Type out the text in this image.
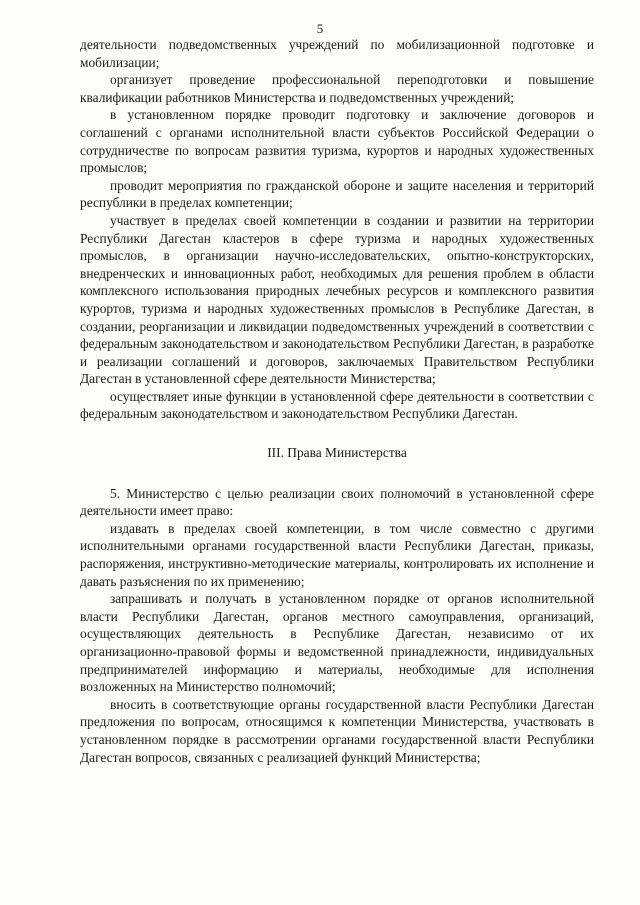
5

деятельности подведомственных учреждений по мобилизационной подготовке и мобилизации;

организует проведение профессиональной переподготовки и повышение квалификации работников Министерства и подведомственных учреждений;

в установленном порядке проводит подготовку и заключение договоров и соглашений с органами исполнительной власти субъектов Российской Федерации о сотрудничестве по вопросам развития туризма, курортов и народных художественных промыслов;

проводит мероприятия по гражданской обороне и защите населения и территорий республики в пределах компетенции;

участвует в пределах своей компетенции в создании и развитии на территории Республики Дагестан кластеров в сфере туризма и народных художественных промыслов, в организации научно-исследовательских, опытно-конструкторских, внедренческих и инновационных работ, необходимых для решения проблем в области комплексного использования природных лечебных ресурсов и комплексного развития курортов, туризма и народных художественных промыслов в Республике Дагестан, в создании, реорганизации и ликвидации подведомственных учреждений в соответствии с федеральным законодательством и законодательством Республики Дагестан, в разработке и реализации соглашений и договоров, заключаемых Правительством Республики Дагестан в установленной сфере деятельности Министерства;

осуществляет иные функции в установленной сфере деятельности в соответствии с федеральным законодательством и законодательством Республики Дагестан.

III. Права Министерства

5. Министерство с целью реализации своих полномочий в установленной сфере деятельности имеет право:

издавать в пределах своей компетенции, в том числе совместно с другими исполнительными органами государственной власти Республики Дагестан, приказы, распоряжения, инструктивно-методические материалы, контролировать их исполнение и давать разъяснения по их применению;

запрашивать и получать в установленном порядке от органов исполнительной власти Республики Дагестан, органов местного самоуправления, организаций, осуществляющих деятельность в Республике Дагестан, независимо от их организационно-правовой формы и ведомственной принадлежности, индивидуальных предпринимателей информацию и материалы, необходимые для исполнения возложенных на Министерство полномочий;

вносить в соответствующие органы государственной власти Республики Дагестан предложения по вопросам, относящимся к компетенции Министерства, участвовать в установленном порядке в рассмотрении органами государственной власти Республики Дагестан вопросов, связанных с реализацией функций Министерства;
